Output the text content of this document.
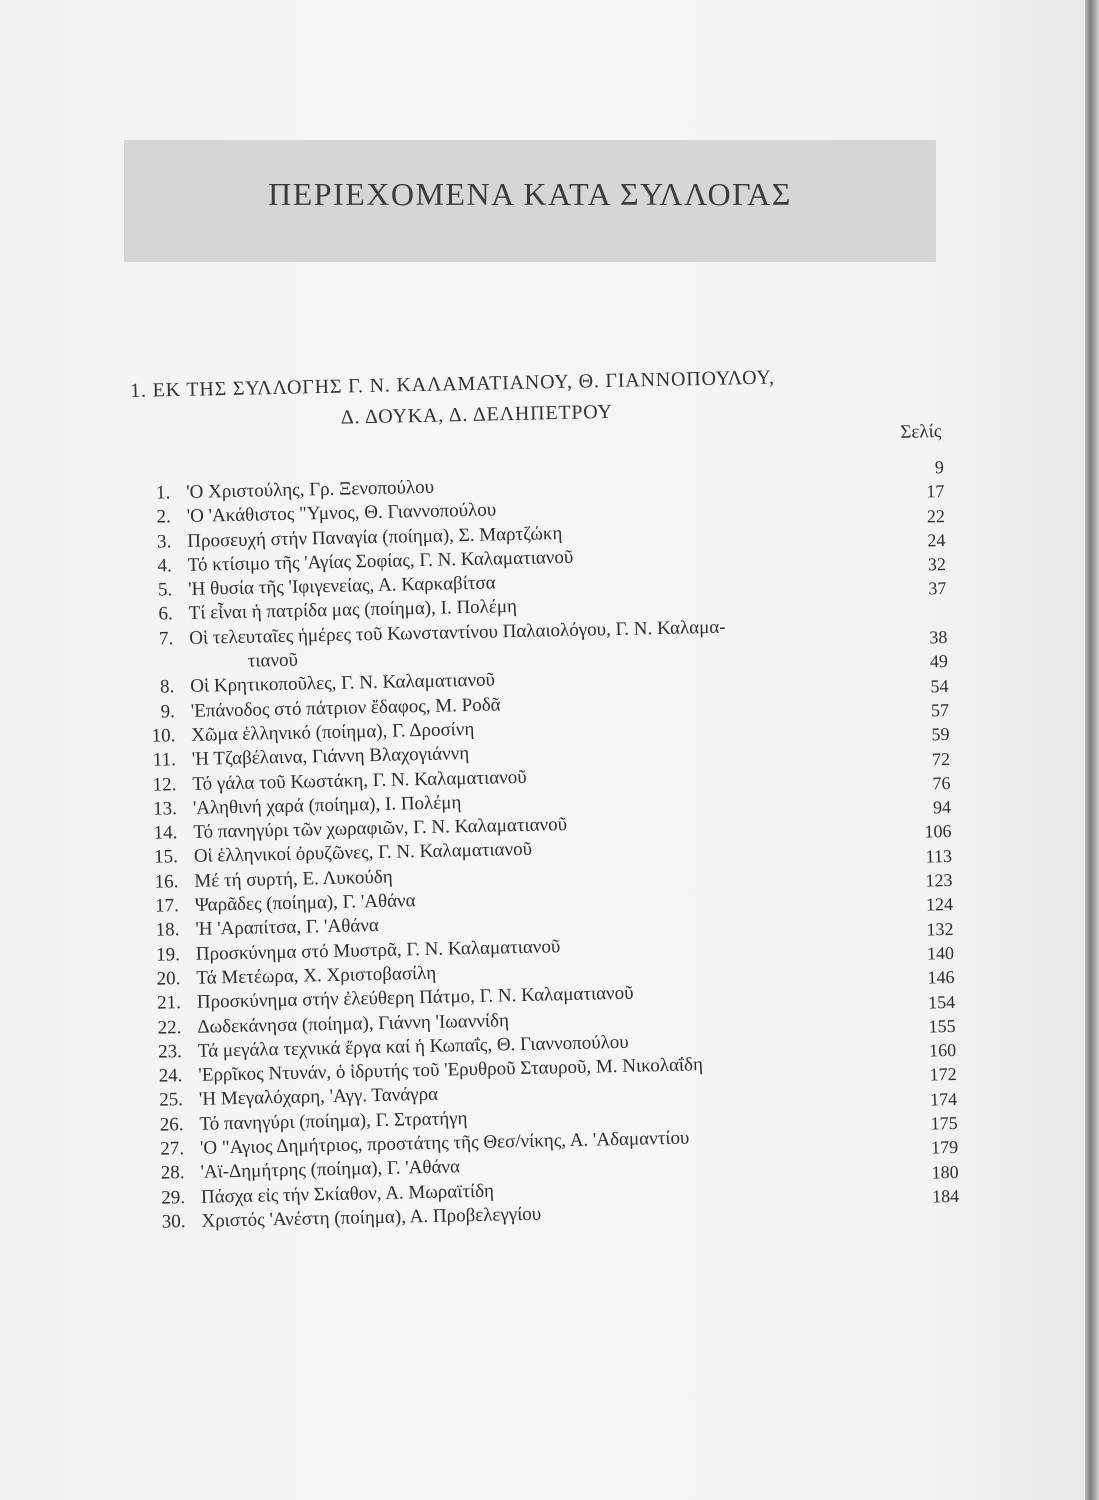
ΠΕΡΙΕΧΟΜΕΝΑ ΚΑΤΑ ΣΥΛΛΟΓΑΣ
1. ΕΚ ΤΗΣ ΣΥΛΛΟΓΗΣ Γ. Ν. ΚΑΛΑΜΑΤΙΑΝΟΥ, Θ. ΓΙΑΝΝΟΠΟΥΛΟΥ,
Δ. ΔΟΥΚΑ, Δ. ΔΕΛΗΠΕΤΡΟΥ
Σελίς
1. 'Ο Χριστούλης, Γρ. Ξενοπούλου
9
2. 'Ο 'Ακάθιστος "Υμνος, Θ. Γιαννοπούλου
17
3. Προσευχή στήν Παναγία (ποίημα), Σ. Μαρτζώκη
22
4. Τό κτίσιμο τῆς 'Αγίας Σοφίας, Γ. Ν. Καλαματιανοῦ
24
5. 'Η θυσία τῆς 'Ιφιγενείας, Α. Καρκαβίτσα
32
6. Τί εἶναι ἡ πατρίδα μας (ποίημα), Ι. Πολέμη
37
7. Οἱ τελευταῖες ἡμέρες τοῦ Κωνσταντίνου Παλαιολόγου, Γ. Ν. Καλαμα-
τιανοῦ
38
8. Οἱ Κρητικοποῦλες, Γ. Ν. Καλαματιανοῦ
49
9. 'Επάνοδος στό πάτριον ἔδαφος, Μ. Ροδᾶ
54
10. Χῶμα ἑλληνικό (ποίημα), Γ. Δροσίνη
57
11. 'Η Τζαβέλαινα, Γιάννη Βλαχογιάννη
59
12. Τό γάλα τοῦ Κωστάκη, Γ. Ν. Καλαματιανοῦ
72
13. 'Αληθινή χαρά (ποίημα), Ι. Πολέμη
76
14. Τό πανηγύρι τῶν χωραφιῶν, Γ. Ν. Καλαματιανοῦ
94
15. Οἱ ἑλληνικοί ὀρυζῶνες, Γ. Ν. Καλαματιανοῦ
106
16. Μέ τή συρτή, Ε. Λυκούδη
113
17. Ψαρᾶδες (ποίημα), Γ. 'Αθάνα
123
18. 'Η 'Αραπίτσα, Γ. 'Αθάνα
124
19. Προσκύνημα στό Μυστρᾶ, Γ. Ν. Καλαματιανοῦ
132
20. Τά Μετέωρα, Χ. Χριστοβασίλη
140
21. Προσκύνημα στήν ἐλεύθερη Πάτμο, Γ. Ν. Καλαματιανοῦ
146
22. Δωδεκάνησα (ποίημα), Γιάννη 'Ιωαννίδη
154
23. Τά μεγάλα τεχνικά ἔργα καί ἡ Κωπαΐς, Θ. Γιαννοπούλου
155
24. 'Ερρῖκος Ντυνάν, ὁ ἱδρυτής τοῦ 'Ερυθροῦ Σταυροῦ, Μ. Νικολαΐδη
160
25. 'Η Μεγαλόχαρη, 'Αγγ. Τανάγρα
172
26. Τό πανηγύρι (ποίημα), Γ. Στρατήγη
174
27. 'Ο "Αγιος Δημήτριος, προστάτης τῆς Θεσ/νίκης, Α. 'Αδαμαντίου
175
28. 'Αϊ-Δημήτρης (ποίημα), Γ. 'Αθάνα
179
29. Πάσχα εἰς τήν Σκίαθον, Α. Μωραϊτίδη
180
30. Χριστός 'Ανέστη (ποίημα), Α. Προβελεγγίου
184
